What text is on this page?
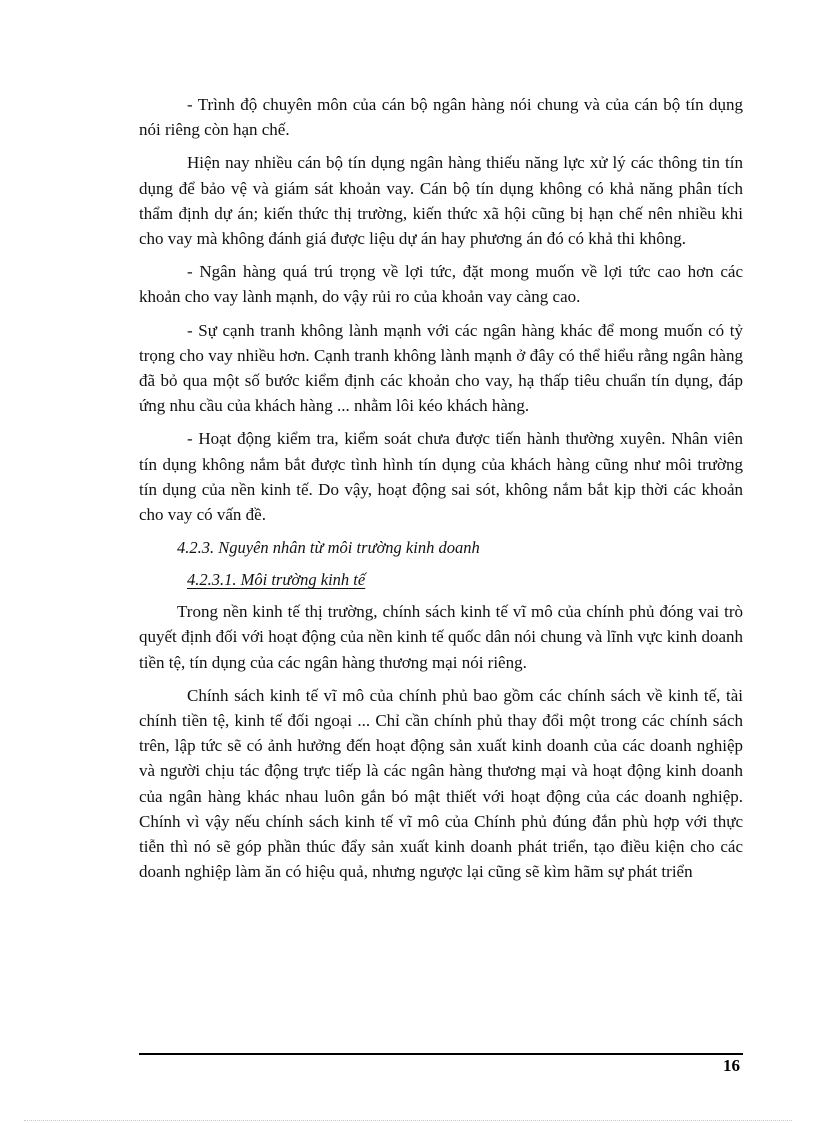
- Trình độ chuyên môn của cán bộ ngân hàng nói chung và của cán bộ tín dụng nói riêng còn hạn chế.

Hiện nay nhiều cán bộ tín dụng ngân hàng thiếu năng lực xử lý các thông tin tín dụng để bảo vệ và giám sát khoản vay. Cán bộ tín dụng không có khả năng phân tích thẩm định dự án; kiến thức thị trường, kiến thức xã hội cũng bị hạn chế nên nhiều khi cho vay mà không đánh giá được liệu dự án hay phương án đó có khả thi không.

- Ngân hàng quá trú trọng về lợi tức, đặt mong muốn về lợi tức cao hơn các khoản cho vay lành mạnh, do vậy rủi ro của khoản vay càng cao.

- Sự cạnh tranh không lành mạnh với các ngân hàng khác để mong muốn có tỷ trọng cho vay nhiều hơn. Cạnh tranh không lành mạnh ở đây có thể hiểu rằng ngân hàng đã bỏ qua một số bước kiểm định các khoản cho vay, hạ thấp tiêu chuẩn tín dụng, đáp ứng nhu cầu của khách hàng ... nhằm lôi kéo khách hàng.

- Hoạt động kiểm tra, kiểm soát chưa được tiến hành thường xuyên. Nhân viên tín dụng không nắm bắt được tình hình tín dụng của khách hàng cũng như môi trường tín dụng của nền kinh tế. Do vậy, hoạt động sai sót, không nắm bắt kịp thời các khoản cho vay có vấn đề.

4.2.3. Nguyên nhân từ môi trường kinh doanh
4.2.3.1. Môi trường kinh tế

Trong nền kinh tế thị trường, chính sách kinh tế vĩ mô của chính phủ đóng vai trò quyết định đối với hoạt động của nền kinh tế quốc dân nói chung và lĩnh vực kinh doanh tiền tệ, tín dụng của các ngân hàng thương mại nói riêng.

Chính sách kinh tế vĩ mô của chính phủ bao gồm các chính sách về kinh tế, tài chính tiền tệ, kinh tế đối ngoại ... Chỉ cần chính phủ thay đổi một trong các chính sách trên, lập tức sẽ có ảnh hưởng đến hoạt động sản xuất kinh doanh của các doanh nghiệp và người chịu tác động trực tiếp là các ngân hàng thương mại và hoạt động kinh doanh của ngân hàng khác nhau luôn gắn bó mật thiết với hoạt động của các doanh nghiệp. Chính vì vậy nếu chính sách kinh tế vĩ mô của Chính phủ đúng đắn phù hợp với thực tiễn thì nó sẽ góp phần thúc đẩy sản xuất kinh doanh phát triển, tạo điều kiện cho các doanh nghiệp làm ăn có hiệu quả, nhưng ngược lại cũng sẽ kìm hãm sự phát triển

16
